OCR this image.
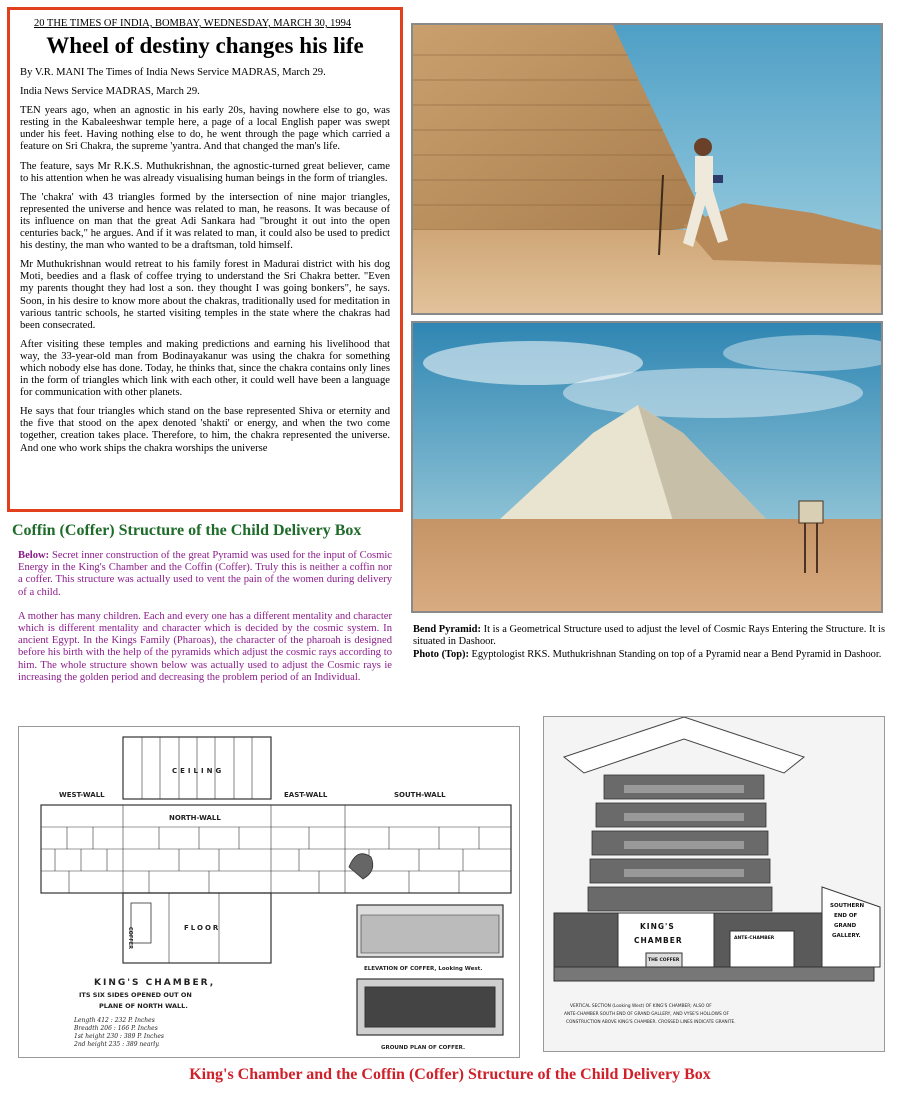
20 THE TIMES OF INDIA, BOMBAY, WEDNESDAY, MARCH 30, 1994
Wheel of destiny changes his life

By V.R. MANI The Times of India News Service MADRAS, March 29.

India News Service MADRAS, March 29.

TEN years ago, when an agnostic in his early 20s, having nowhere else to go, was resting in the Kabaleeshwar temple here, a page of a local English paper was swept under his feet. Having nothing else to do, he went through the page which carried a feature on Sri Chakra, the supreme 'yantra. And that changed the man's life.

The feature, says Mr R.K.S. Muthukrishnan, the agnostic-turned great believer, came to his attention when he was already visualising human beings in the form of triangles.

The 'chakra' with 43 triangles formed by the intersection of nine major triangles, represented the universe and hence was related to man, he reasons. It was because of its influence on man that the great Adi Sankara had "brought it out into the open centuries back," he argues. And if it was related to man, it could also be used to predict his destiny, the man who wanted to be a draftsman, told himself.

Mr Muthukrishnan would retreat to his family forest in Madurai district with his dog Moti, beedies and a flask of coffee trying to understand the Sri Chakra better. "Even my parents thought they had lost a son. they thought I was going bonkers", he says. Soon, in his desire to know more about the chakras, traditionally used for meditation in various tantric schools, he started visiting temples in the state where the chakras had been consecrated.

After visiting these temples and making predictions and earning his livelihood that way, the 33-year-old man from Bodinayakanur was using the chakra for something which nobody else has done. Today, he thinks that, since the chakra contains only lines in the form of triangles which link with each other, it could well have been a language for communication with other planets.

He says that four triangles which stand on the base represented Shiva or eternity and the five that stood on the apex denoted 'shakti' or energy, and when the two come together, creation takes place. Therefore, to him, the chakra represented the universe. And one who work ships the chakra worships the universe

Coffin (Coffer) Structure of the Child Delivery Box

Below: Secret inner construction of the great Pyramid was used for the input of Cosmic Energy in the King's Chamber and the Coffin (Coffer). Truly this is neither a coffin nor a coffer. This structure was actually used to vent the pain of the women during delivery of a child.

A mother has many children. Each and every one has a different mentality and character which is different mentality and character which is decided by the cosmic system. In ancient Egypt. In the Kings Family (Pharoas), the character of the pharoah is designed before his birth with the help of the pyramids which adjust the cosmic rays according to him. The whole structure shown below was actually used to adjust the Cosmic rays ie increasing the golden period and decreasing the problem period of an Individual.

Bend Pyramid: It is a Geometrical Structure used to adjust the level of Cosmic Rays Entering the Structure. It is situated in Dashoor.

Photo (Top): Egyptologist RKS. Muthukrishnan Standing on top of a Pyramid near a Bend Pyramid in Dashoor.

CEILING
WEST-WALL	EAST-WALL	SOUTH-WALL
NORTH-WALL
FLOOR
COFFER
KING'S CHAMBER,
ITS SIX SIDES OPENED OUT ON
PLANE OF NORTH WALL.
ELEVATION OF COFFER, Looking West.
GROUND PLAN OF COFFER.
Length 412 : 232 P. Inches
Breadth 206 : 166 P. Inches
1st height 230 : 389 P. Inches
2nd height 235 : 389 nearly.
KING'S
CHAMBER
THE COFFER
ANTE-CHAMBER
SOUTHERN
END OF
GRAND
GALLERY.
VERTICAL SECTION (Looking West) OF KING'S CHAMBER; ALSO OF
ANTE-CHAMBER SOUTH END OF GRAND GALLERY, AND VYSE'S HOLLOWS OF
CONSTRUCTION ABOVE KING'S CHAMBER. CROSSED LINES INDICATE GRANITE.
King's Chamber and the Coffin (Coffer) Structure of the Child Delivery Box
